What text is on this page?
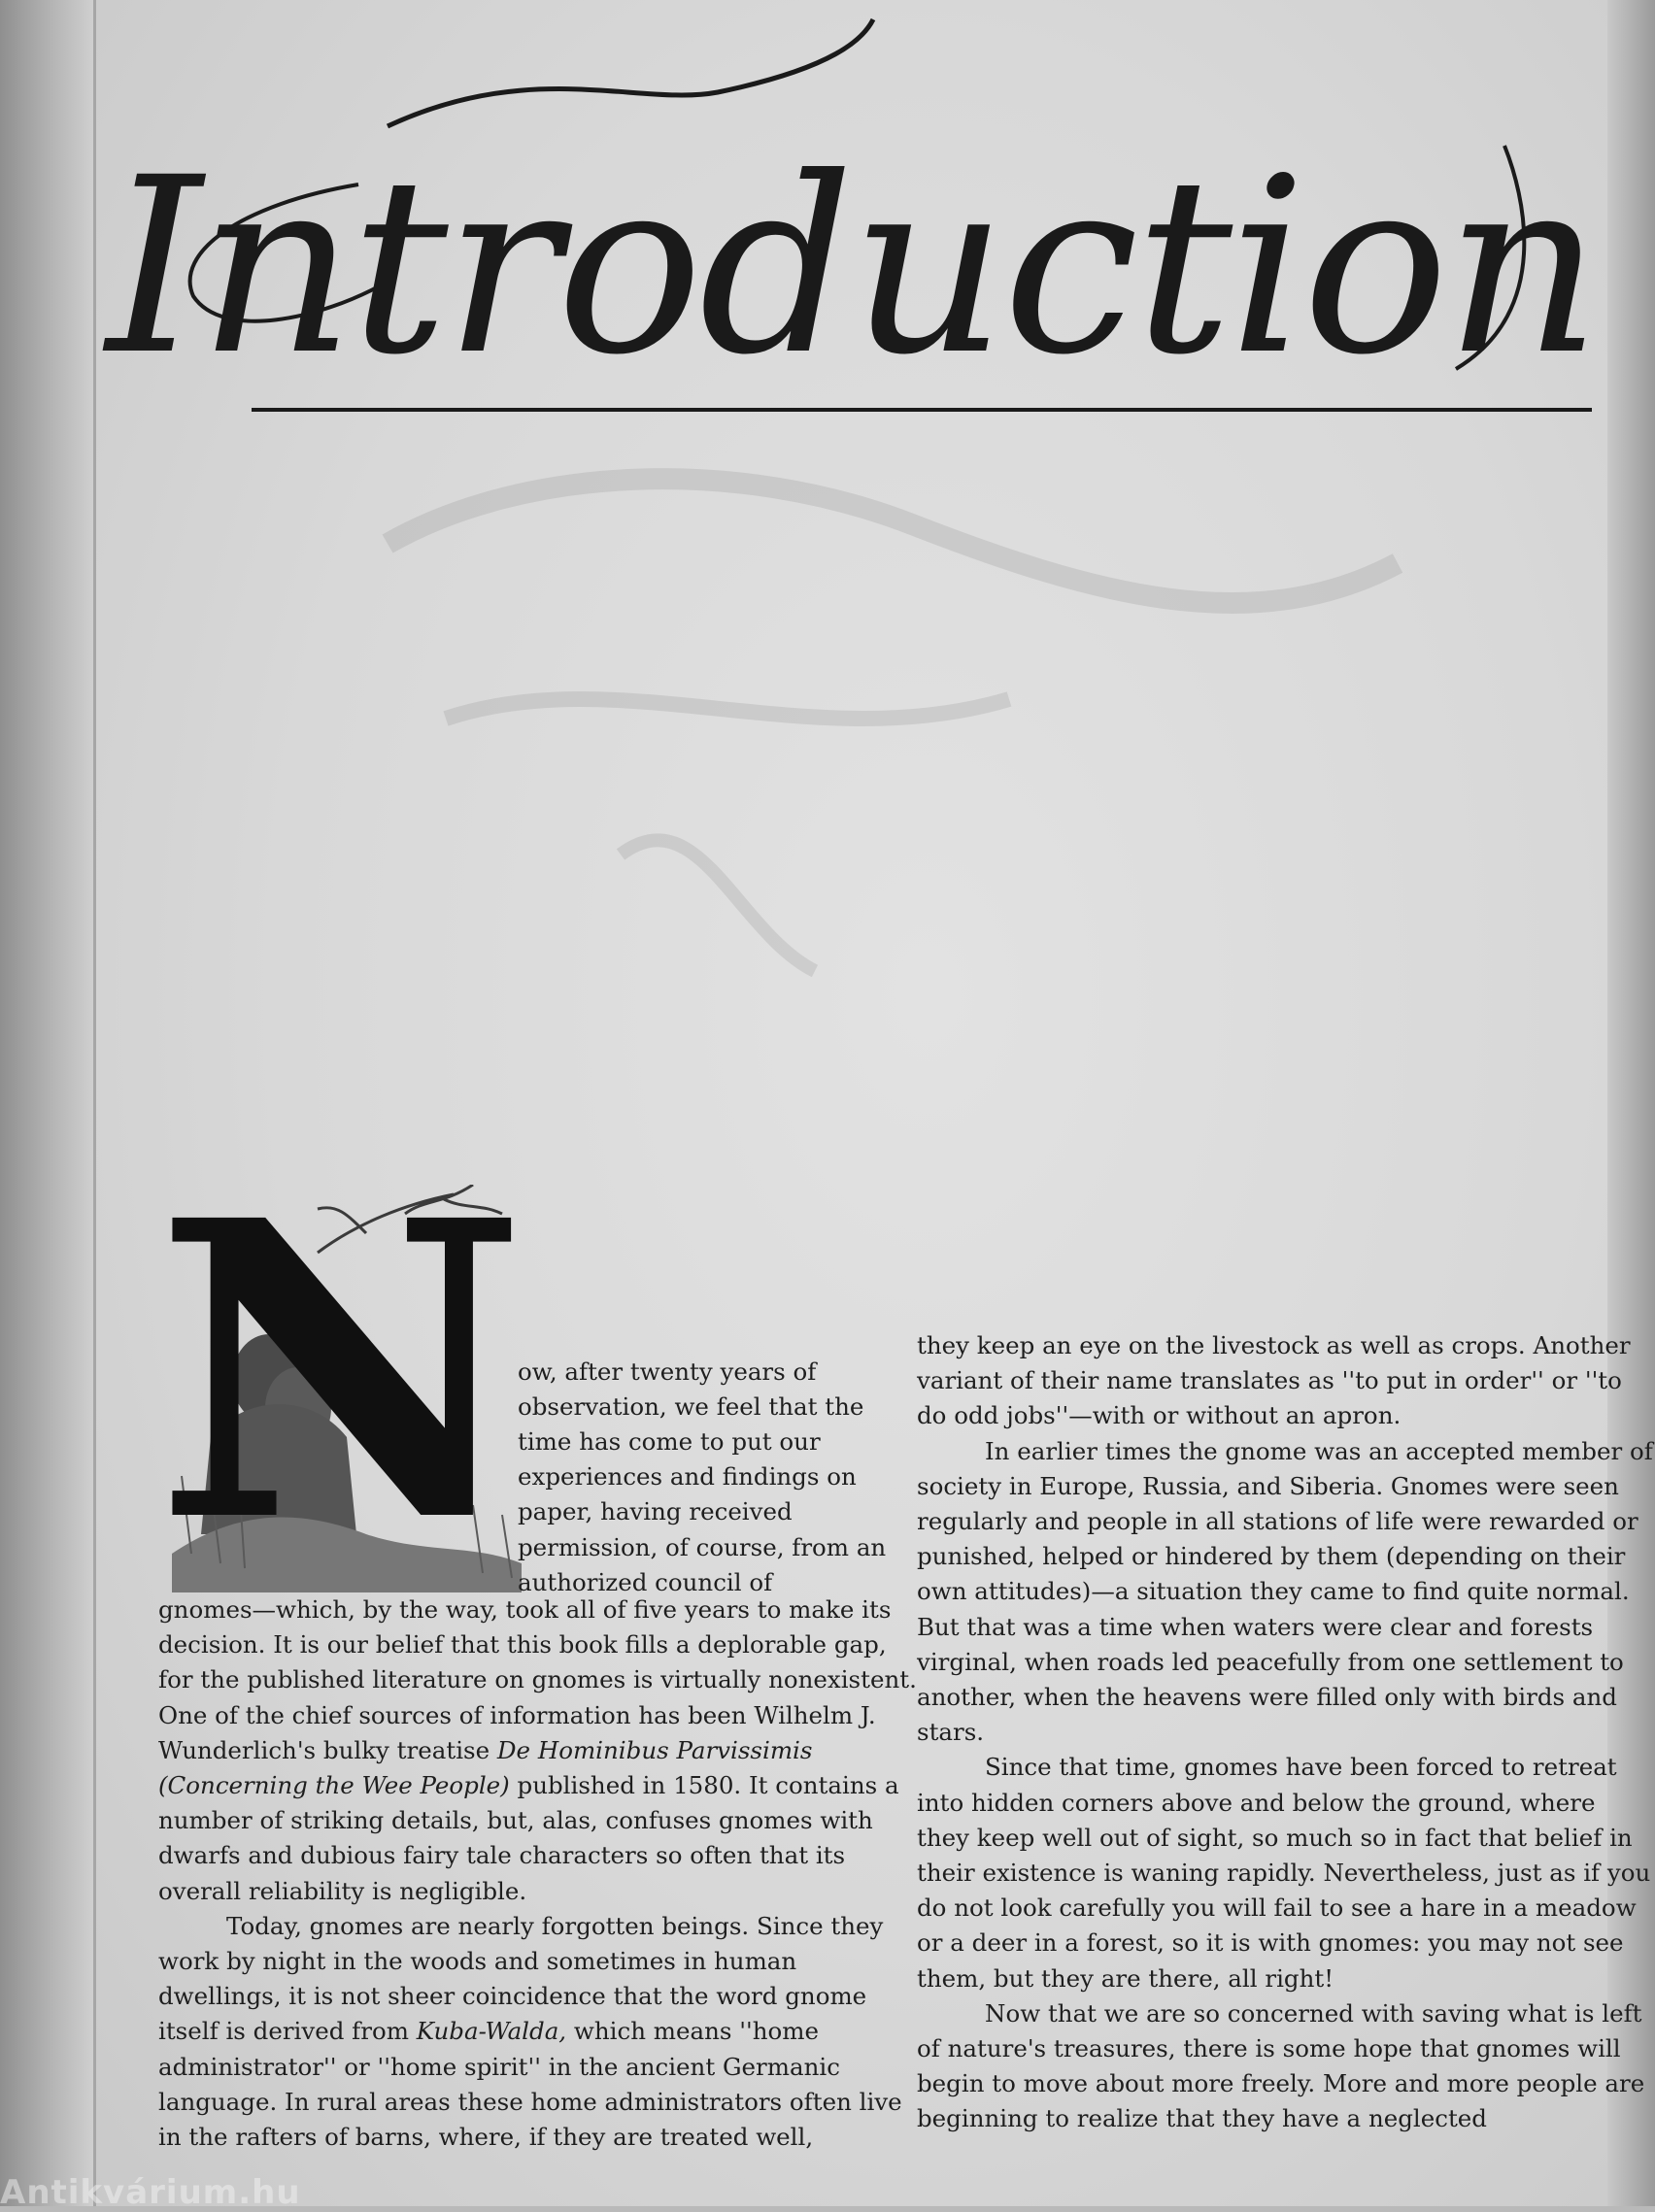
Introduction
N

ow, after twenty years of observation, we feel that the time has come to put our experiences and findings on paper, having received permission, of course, from an authorized council of

gnomes—which, by the way, took all of five years to make its decision. It is our belief that this book fills a deplorable gap, for the published literature on gnomes is virtually nonexistent. One of the chief sources of information has been Wilhelm J. Wunderlich's bulky treatise De Hominibus Parvissimis (Concerning the Wee People) published in 1580. It contains a number of striking details, but, alas, confuses gnomes with dwarfs and dubious fairy tale characters so often that its overall reliability is negligible.

Today, gnomes are nearly forgotten beings. Since they work by night in the woods and sometimes in human dwellings, it is not sheer coincidence that the word gnome itself is derived from Kuba-Walda, which means ''home administrator'' or ''home spirit'' in the ancient Germanic language. In rural areas these home administrators often live in the rafters of barns, where, if they are treated well,

they keep an eye on the livestock as well as crops. Another variant of their name translates as ''to put in order'' or ''to do odd jobs''—with or without an apron.

In earlier times the gnome was an accepted member of society in Europe, Russia, and Siberia. Gnomes were seen regularly and people in all stations of life were rewarded or punished, helped or hindered by them (depending on their own attitudes)—a situation they came to find quite normal. But that was a time when waters were clear and forests virginal, when roads led peacefully from one settlement to another, when the heavens were filled only with birds and stars.

Since that time, gnomes have been forced to retreat into hidden corners above and below the ground, where they keep well out of sight, so much so in fact that belief in their existence is waning rapidly. Nevertheless, just as if you do not look carefully you will fail to see a hare in a meadow or a deer in a forest, so it is with gnomes: you may not see them, but they are there, all right!

Now that we are so concerned with saving what is left of nature's treasures, there is some hope that gnomes will begin to move about more freely. More and more people are beginning to realize that they have a neglected

Antikvárium.hu
